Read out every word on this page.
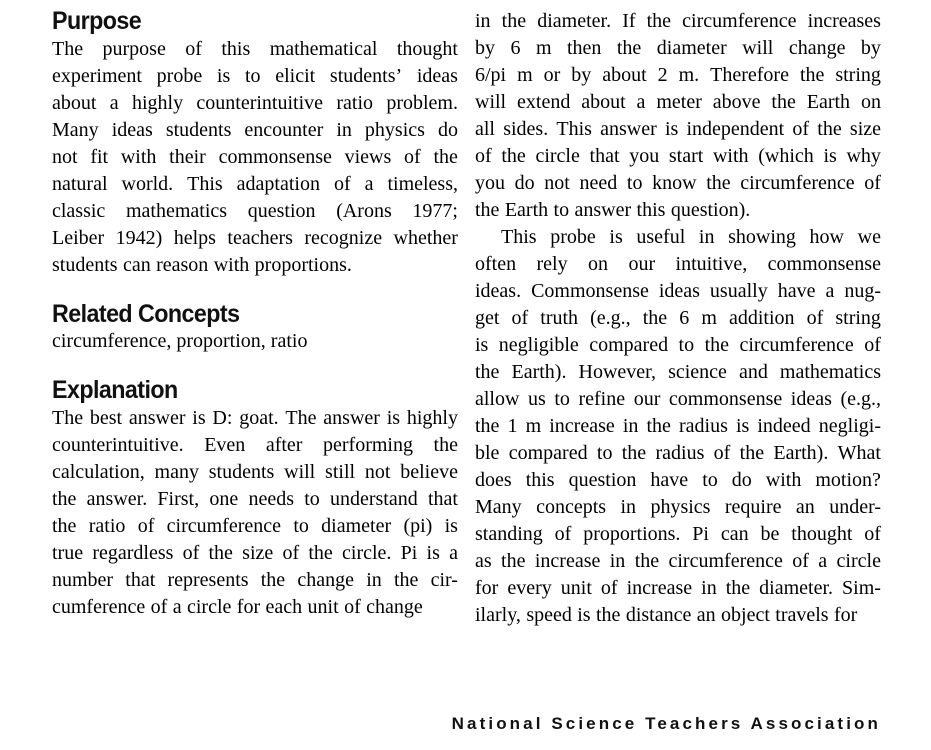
Purpose
The purpose of this mathematical thought
experiment probe is to elicit students’ ideas
about a highly counterintuitive ratio problem.
Many ideas students encounter in physics do
not fit with their commonsense views of the
natural world. This adaptation of a timeless,
classic mathematics question (Arons 1977;
Leiber 1942) helps teachers recognize whether
students can reason with proportions.
Related Concepts
circumference, proportion, ratio
Explanation
The best answer is D: goat. The answer is highly
counterintuitive. Even after performing the
calculation, many students will still not believe
the answer. First, one needs to understand that
the ratio of circumference to diameter (pi) is
true regardless of the size of the circle. Pi is a
number that represents the change in the cir-
cumference of a circle for each unit of change
in the diameter. If the circumference increases
by 6 m then the diameter will change by
6/pi m or by about 2 m. Therefore the string
will extend about a meter above the Earth on
all sides. This answer is independent of the size
of the circle that you start with (which is why
you do not need to know the circumference of
the Earth to answer this question).
This probe is useful in showing how we
often rely on our intuitive, commonsense
ideas. Commonsense ideas usually have a nug-
get of truth (e.g., the 6 m addition of string
is negligible compared to the circumference of
the Earth). However, science and mathematics
allow us to refine our commonsense ideas (e.g.,
the 1 m increase in the radius is indeed negligi-
ble compared to the radius of the Earth). What
does this question have to do with motion?
Many concepts in physics require an under-
standing of proportions. Pi can be thought of
as the increase in the circumference of a circle
for every unit of increase in the diameter. Sim-
ilarly, speed is the distance an object travels for
National Science Teachers Association
